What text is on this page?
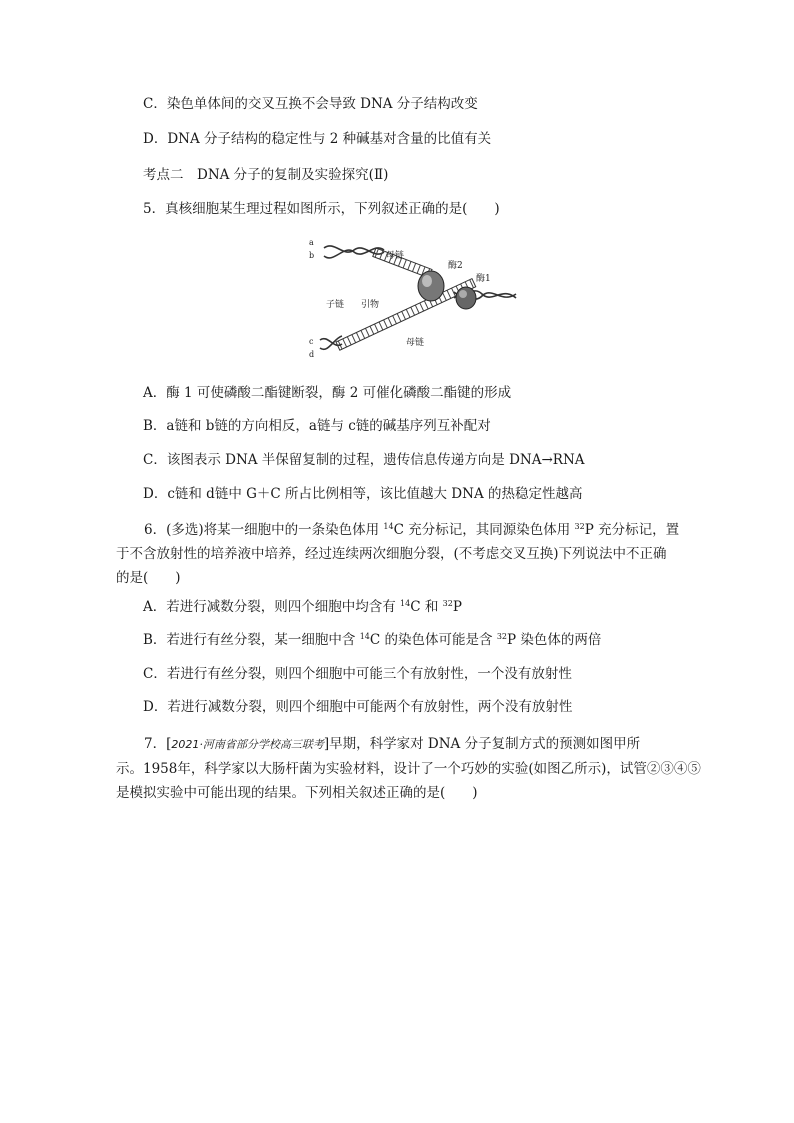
C．染色单体间的交叉互换不会导致 DNA 分子结构改变
D．DNA 分子结构的稳定性与 2 种碱基对含量的比值有关
考点二　DNA 分子的复制及实验探究(Ⅱ)
5．真核细胞某生理过程如图所示，下列叙述正确的是(　　)
a
b
c
d
母链
酶2
酶1
子链 引物
母链
A．酶 1 可使磷酸二酯键断裂，酶 2 可催化磷酸二酯键的形成
B．a链和 b链的方向相反，a链与 c链的碱基序列互补配对
C．该图表示 DNA 半保留复制的过程，遗传信息传递方向是 DNA→RNA
D．c链和 d链中 G＋C 所占比例相等，该比值越大 DNA 的热稳定性越高

6．(多选)将某一细胞中的一条染色体用 $^{14}$C 充分标记，其同源染色体用 $^{32}$P 充分标记，置

于不含放射性的培养液中培养，经过连续两次细胞分裂，(不考虑交叉互换)下列说法中不正确

的是(　　)

A．若进行减数分裂，则四个细胞中均含有 $^{14}$C 和 $^{32}$P
B．若进行有丝分裂，某一细胞中含 $^{14}$C 的染色体可能是含 $^{32}$P 染色体的两倍
C．若进行有丝分裂，则四个细胞中可能三个有放射性，一个没有放射性
D．若进行减数分裂，则四个细胞中可能两个有放射性，两个没有放射性

7．[2021·河南省部分学校高三联考]早期，科学家对 DNA 分子复制方式的预测如图甲所

示。1958年，科学家以大肠杆菌为实验材料，设计了一个巧妙的实验(如图乙所示)，试管②③④⑤

是模拟实验中可能出现的结果。下列相关叙述正确的是(　　)
